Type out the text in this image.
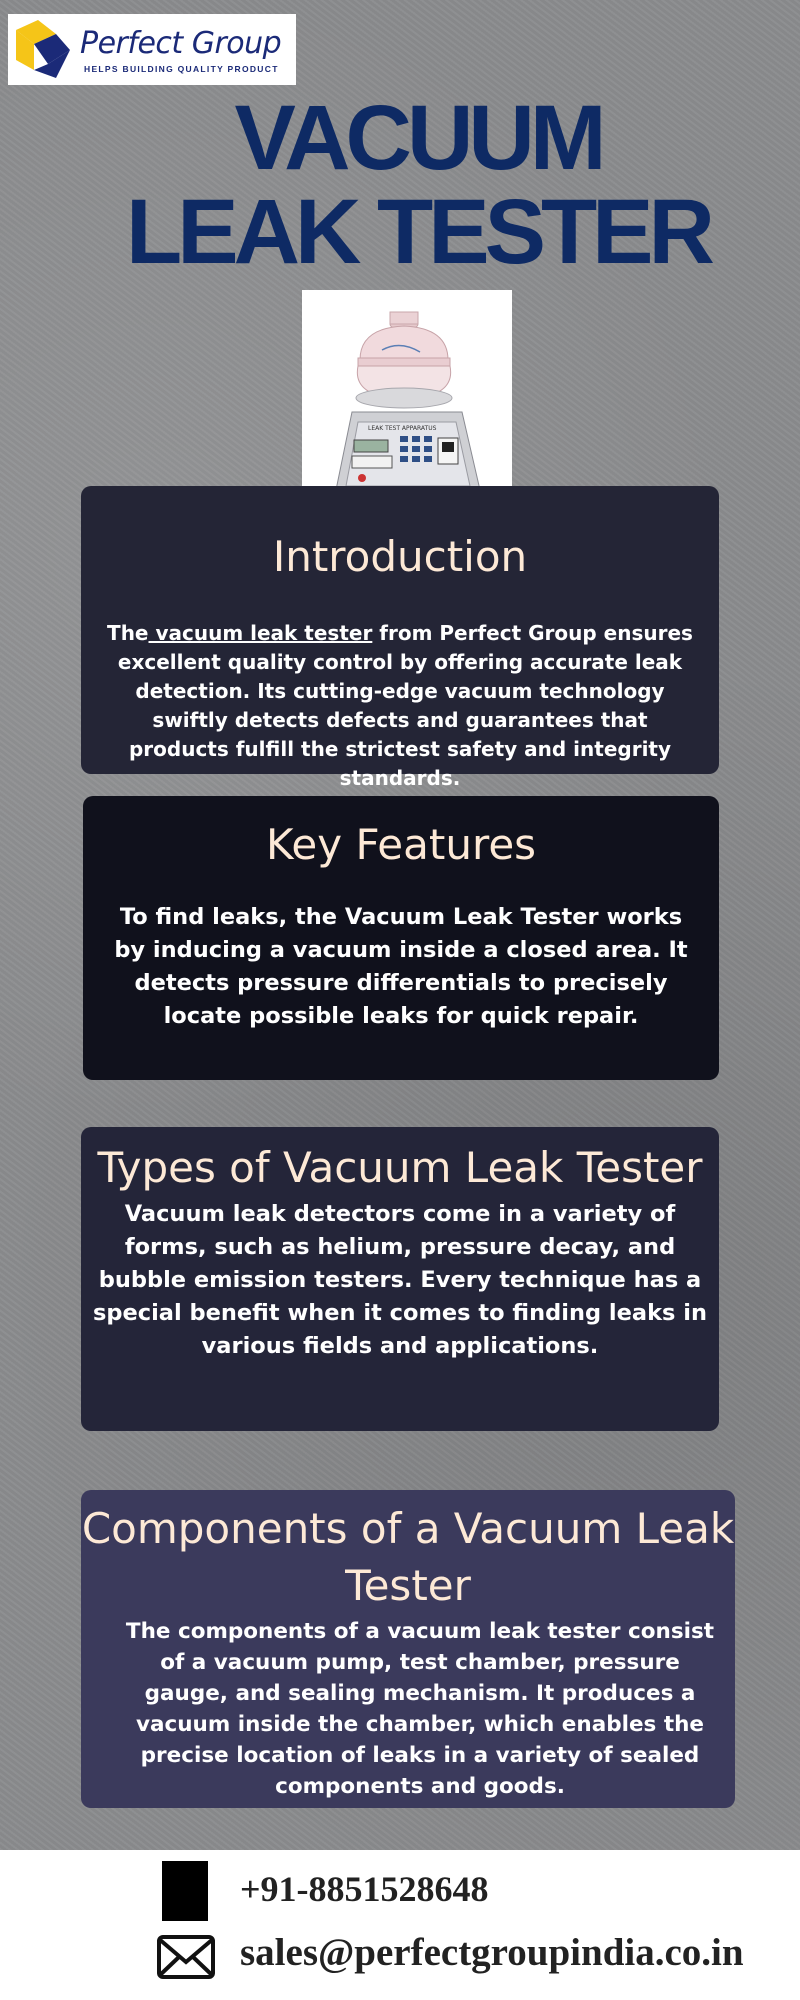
Perfect Group
HELPS BUILDING QUALITY PRODUCT
VACUUM
LEAK TESTER
LEAK TEST APPARATUS
Introduction

The vacuum leak tester from Perfect Group ensures excellent quality control by offering accurate leak detection. Its cutting-edge vacuum technology swiftly detects defects and guarantees that products fulfill the strictest safety and integrity standards.

Key Features

To find leaks, the Vacuum Leak Tester works by inducing a vacuum inside a closed area. It detects pressure differentials to precisely locate possible leaks for quick repair.

Types of Vacuum Leak Tester

Vacuum leak detectors come in a variety of forms, such as helium, pressure decay, and bubble emission testers. Every technique has a special benefit when it comes to finding leaks in various fields and applications.

Components of a Vacuum Leak Tester

The components of a vacuum leak tester consist of a vacuum pump, test chamber, pressure gauge, and sealing mechanism. It produces a vacuum inside the chamber, which enables the precise location of leaks in a variety of sealed components and goods.

+91-8851528648
sales@perfectgroupindia.co.in
